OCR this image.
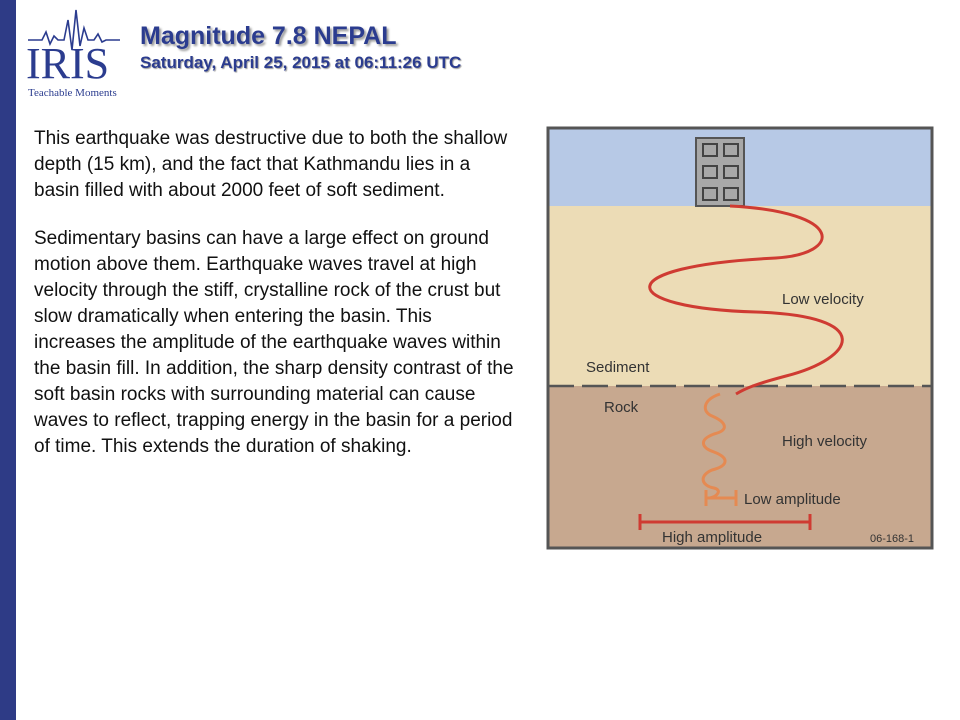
IRIS
Teachable Moments
Magnitude 7.8 NEPAL
Saturday, April 25, 2015 at 06:11:26 UTC

This earthquake was destructive due to both the shallow depth (15 km), and the fact that Kathmandu lies in a basin filled with about 2000 feet of soft sediment.

Sedimentary basins can have a large effect on ground motion above them. Earthquake waves travel at high velocity through the stiff, crystalline rock of the crust but slow dramatically when entering the basin. This increases the amplitude of the earthquake waves within the basin fill. In addition, the sharp density contrast of the soft basin rocks with surrounding material can cause waves to reflect, trapping energy in the basin for a period of time. This extends the duration of shaking.

Low velocity
Sediment
Rock
High velocity
Low amplitude
High amplitude	06-168-1
